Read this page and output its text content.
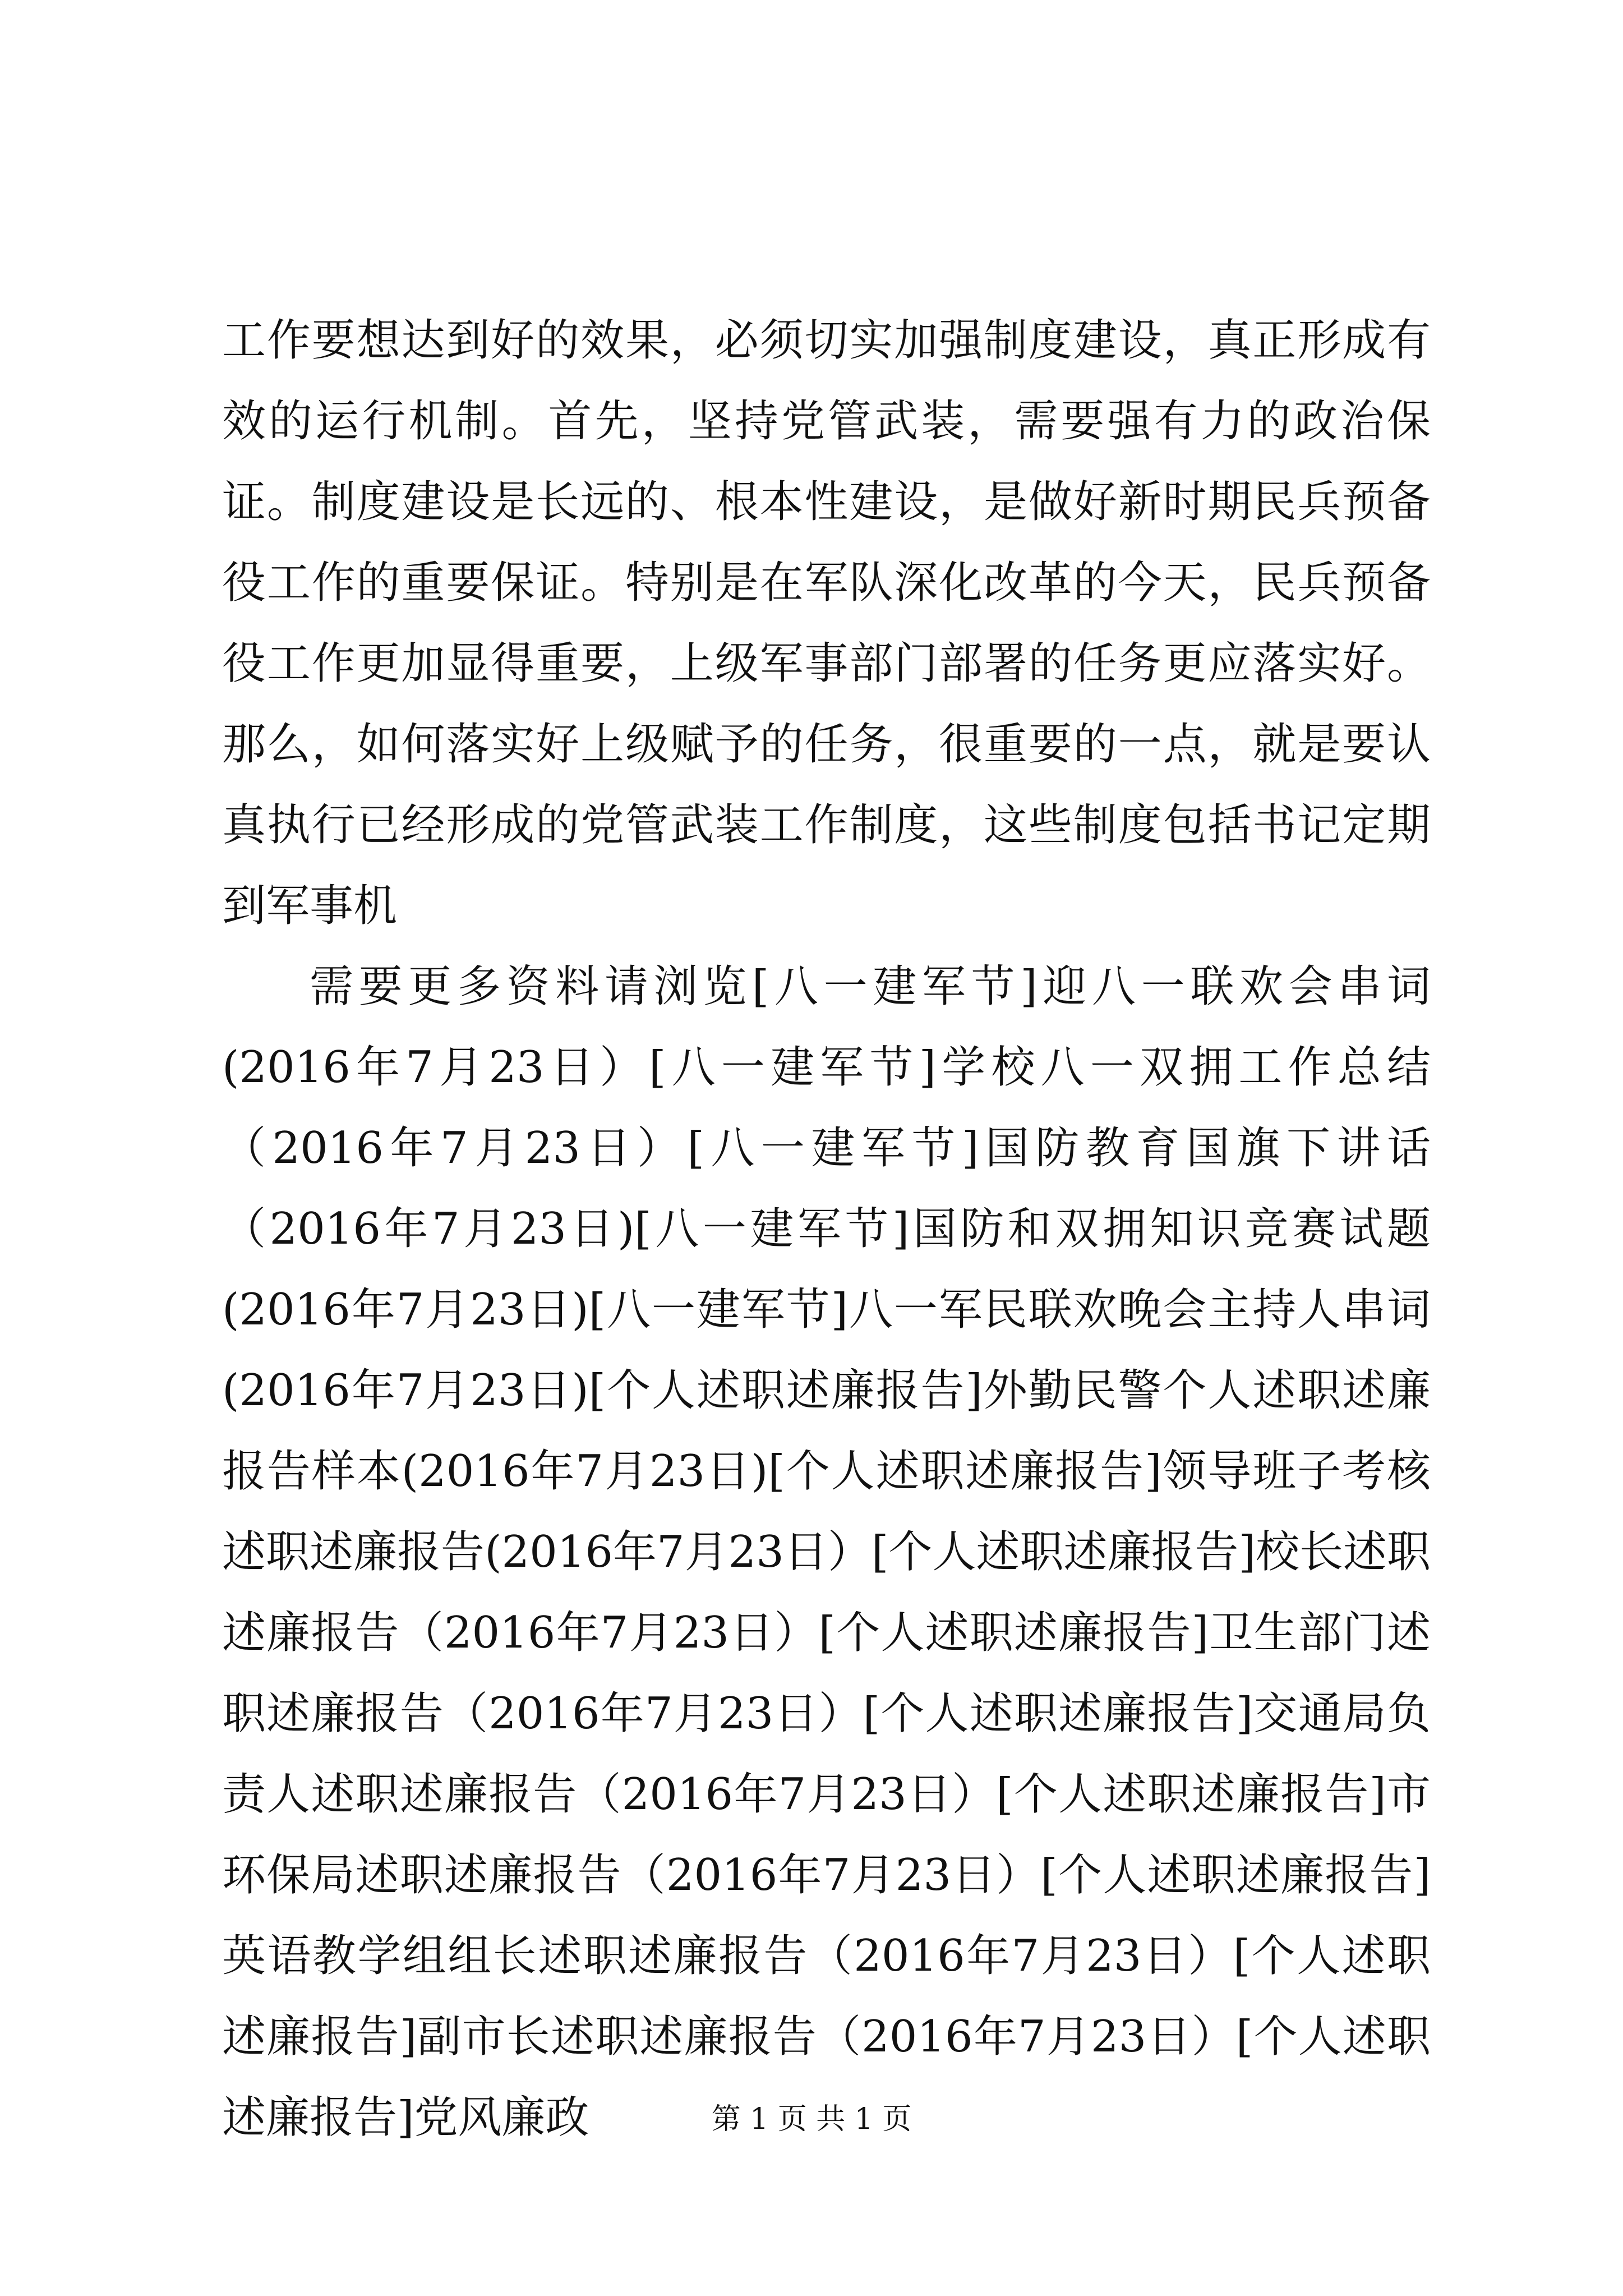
工作要想达到好的效果，必须切实加强制度建设，真正形成有效的运行机制。首先，坚持党管武装，需要强有力的政治保证。制度建设是长远的、根本性建设，是做好新时期民兵预备役工作的重要保证。特别是在军队深化改革的今天，民兵预备役工作更加显得重要，上级军事部门部署的任务更应落实好。那么，如何落实好上级赋予的任务，很重要的一点，就是要认真执行已经形成的党管武装工作制度，这些制度包括书记定期到军事机

需要更多资料请浏览[八一建军节]迎八一联欢会串词(2016年7月23日）[八一建军节]学校八一双拥工作总结（2016年7月23日）[八一建军节]国防教育国旗下讲话（2016年7月23日)[八一建军节]国防和双拥知识竞赛试题(2016年7月23日)[八一建军节]八一军民联欢晚会主持人串词(2016年7月23日)[个人述职述廉报告]外勤民警个人述职述廉报告样本(2016年7月23日)[个人述职述廉报告]领导班子考核述职述廉报告(2016年7月23日）[个人述职述廉报告]校长述职述廉报告（2016年7月23日）[个人述职述廉报告]卫生部门述职述廉报告（2016年7月23日）[个人述职述廉报告]交通局负责人述职述廉报告（2016年7月23日）[个人述职述廉报告]市环保局述职述廉报告（2016年7月23日）[个人述职述廉报告]英语教学组组长述职述廉报告（2016年7月23日）[个人述职述廉报告]副市长述职述廉报告（2016年7月23日）[个人述职述廉报告]党风廉政	第 1 页 共 1 页
